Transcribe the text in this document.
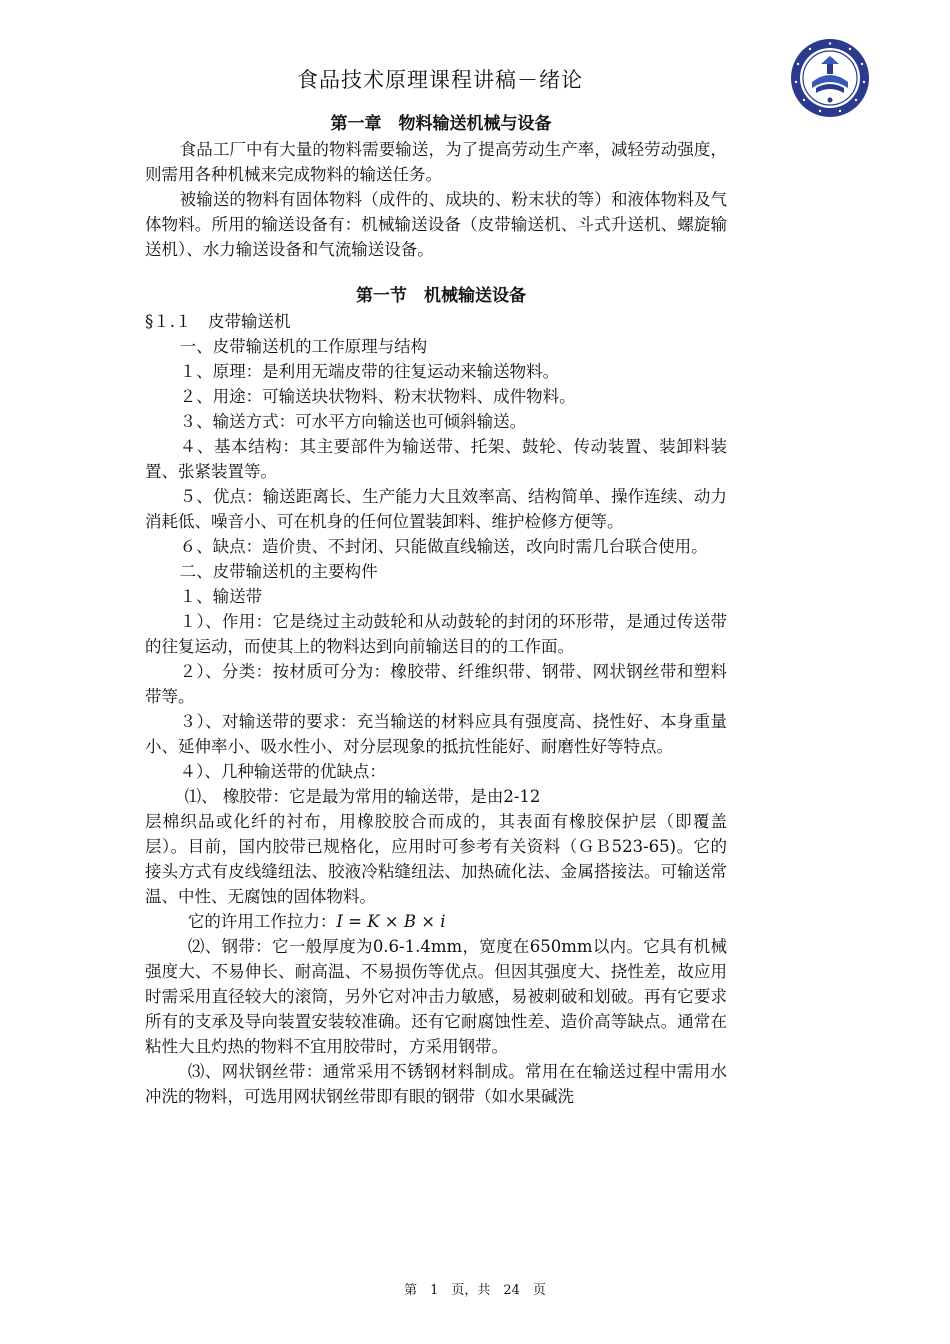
食品技术原理课程讲稿－绪论

第一章　物料输送机械与设备

食品工厂中有大量的物料需要输送，为了提高劳动生产率，减轻劳动强度，则需用各种机械来完成物料的输送任务。

被输送的物料有固体物料（成件的、成块的、粉末状的等）和液体物料及气体物料。所用的输送设备有：机械输送设备（皮带输送机、斗式升送机、螺旋输送机）、水力输送设备和气流输送设备。

第一节　机械输送设备

§１.１　皮带输送机

一、皮带输送机的工作原理与结构

１、原理：是利用无端皮带的往复运动来输送物料。

２、用途：可输送块状物料、粉末状物料、成件物料。

３、输送方式：可水平方向输送也可倾斜输送。

４、基本结构：其主要部件为输送带、托架、鼓轮、传动装置、装卸料装置、张紧装置等。

５、优点：输送距离长、生产能力大且效率高、结构简单、操作连续、动力消耗低、噪音小、可在机身的任何位置装卸料、维护检修方便等。

６、缺点：造价贵、不封闭、只能做直线输送，改向时需几台联合使用。

二、皮带输送机的主要构件

１、输送带

１）、作用：它是绕过主动鼓轮和从动鼓轮的封闭的环形带，是通过传送带的往复运动，而使其上的物料达到向前输送目的的工作面。

２）、分类：按材质可分为：橡胶带、纤维织带、钢带、网状钢丝带和塑料带等。

３）、对输送带的要求：充当输送的材料应具有强度高、挠性好、本身重量小、延伸率小、吸水性小、对分层现象的抵抗性能好、耐磨性好等特点。

４）、几种输送带的优缺点：

⑴、 橡胶带：它是最为常用的输送带，是由2-12

层棉织品或化纤的衬布，用橡胶胶合而成的，其表面有橡胶保护层（即覆盖层）。目前，国内胶带已规格化，应用时可参考有关资料（ＧＢ523-65)。它的接头方式有皮线缝纽法、胶液冷粘缝纽法、加热硫化法、金属搭接法。可输送常温、中性、无腐蚀的固体物料。

它的许用工作拉力：I = K × B × i

⑵、钢带：它一般厚度为0.6-1.4mm，宽度在650mm以内。它具有机械强度大、不易伸长、耐高温、不易损伤等优点。但因其强度大、挠性差，故应用时需采用直径较大的滚筒，另外它对冲击力敏感，易被刺破和划破。再有它要求所有的支承及导向装置安装较准确。还有它耐腐蚀性差、造价高等缺点。通常在粘性大且灼热的物料不宜用胶带时，方采用钢带。

⑶、网状钢丝带：通常采用不锈钢材料制成。常用在在输送过程中需用水冲洗的物料，可选用网状钢丝带即有眼的钢带（如水果碱洗

第　1　页，共　24　页
